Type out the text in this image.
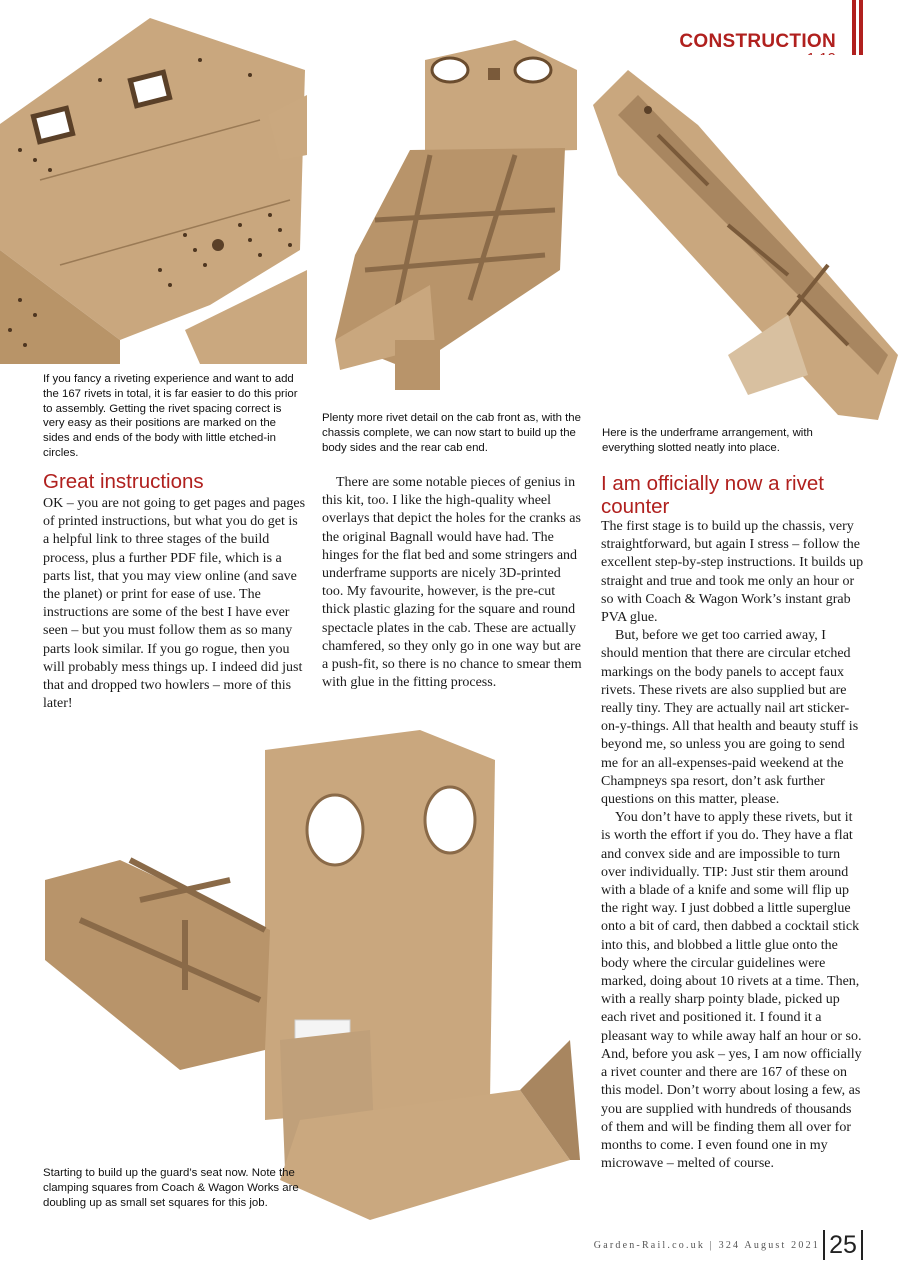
CONSTRUCTION
If you fancy a riveting experience and want to add the 167 rivets in total, it is far easier to do this prior to assembly. Getting the rivet spacing correct is very easy as their positions are marked on the sides and ends of the body with little etched-in circles.
Plenty more rivet detail on the cab front as, with the chassis complete, we can now start to build up the body sides and the rear cab end.
Here is the underframe arrangement, with everything slotted neatly into place.
Starting to build up the guard’s seat now. Note the clamping squares from Coach & Wagon Works are doubling up as small set squares for this job.
Great instructions

OK – you are not going to get pages and pages of printed instructions, but what you do get is a helpful link to three stages of the build process, plus a further PDF file, which is a parts list, that you may view online (and save the planet) or print for ease of use. The instructions are some of the best I have ever seen – but you must follow them as so many parts look similar. If you go rogue, then you will probably mess things up. I indeed did just that and dropped two howlers – more of this later!

There are some notable pieces of genius in this kit, too. I like the high-quality wheel overlays that depict the holes for the cranks as the original Bagnall would have had. The hinges for the flat bed and some stringers and underframe supports are nicely 3D-printed too. My favourite, however, is the pre-cut thick plastic glazing for the square and round spectacle plates in the cab. These are actually chamfered, so they only go in one way but are a push-fit, so there is no chance to smear them with glue in the fitting process.

I am officially now a rivet counter

The first stage is to build up the chassis, very straightforward, but again I stress – follow the excellent step-by-step instructions. It builds up straight and true and took me only an hour or so with Coach & Wagon Work’s instant grab PVA glue.

But, before we get too carried away, I should mention that there are circular etched markings on the body panels to accept faux rivets. These rivets are also supplied but are really tiny. They are actually nail art sticker-on-y-things. All that health and beauty stuff is beyond me, so unless you are going to send me for an all-expenses-paid weekend at the Champneys spa resort, don’t ask further questions on this matter, please.

You don’t have to apply these rivets, but it is worth the effort if you do. They have a flat and convex side and are impossible to turn over individually. TIP: Just stir them around with a blade of a knife and some will flip up the right way. I just dobbed a little superglue onto a bit of card, then dabbed a cocktail stick into this, and blobbed a little glue onto the body where the circular guidelines were marked, doing about 10 rivets at a time. Then, with a really sharp pointy blade, picked up each rivet and positioned it. I found it a pleasant way to while away half an hour or so. And, before you ask – yes, I am now officially a rivet counter and there are 167 of these on this model. Don’t worry about losing a few, as you are supplied with hundreds of thousands of them and will be finding them all over for months to come. I even found one in my microwave – melted of course.

Garden-Rail.co.uk | 324 August 2021 25
